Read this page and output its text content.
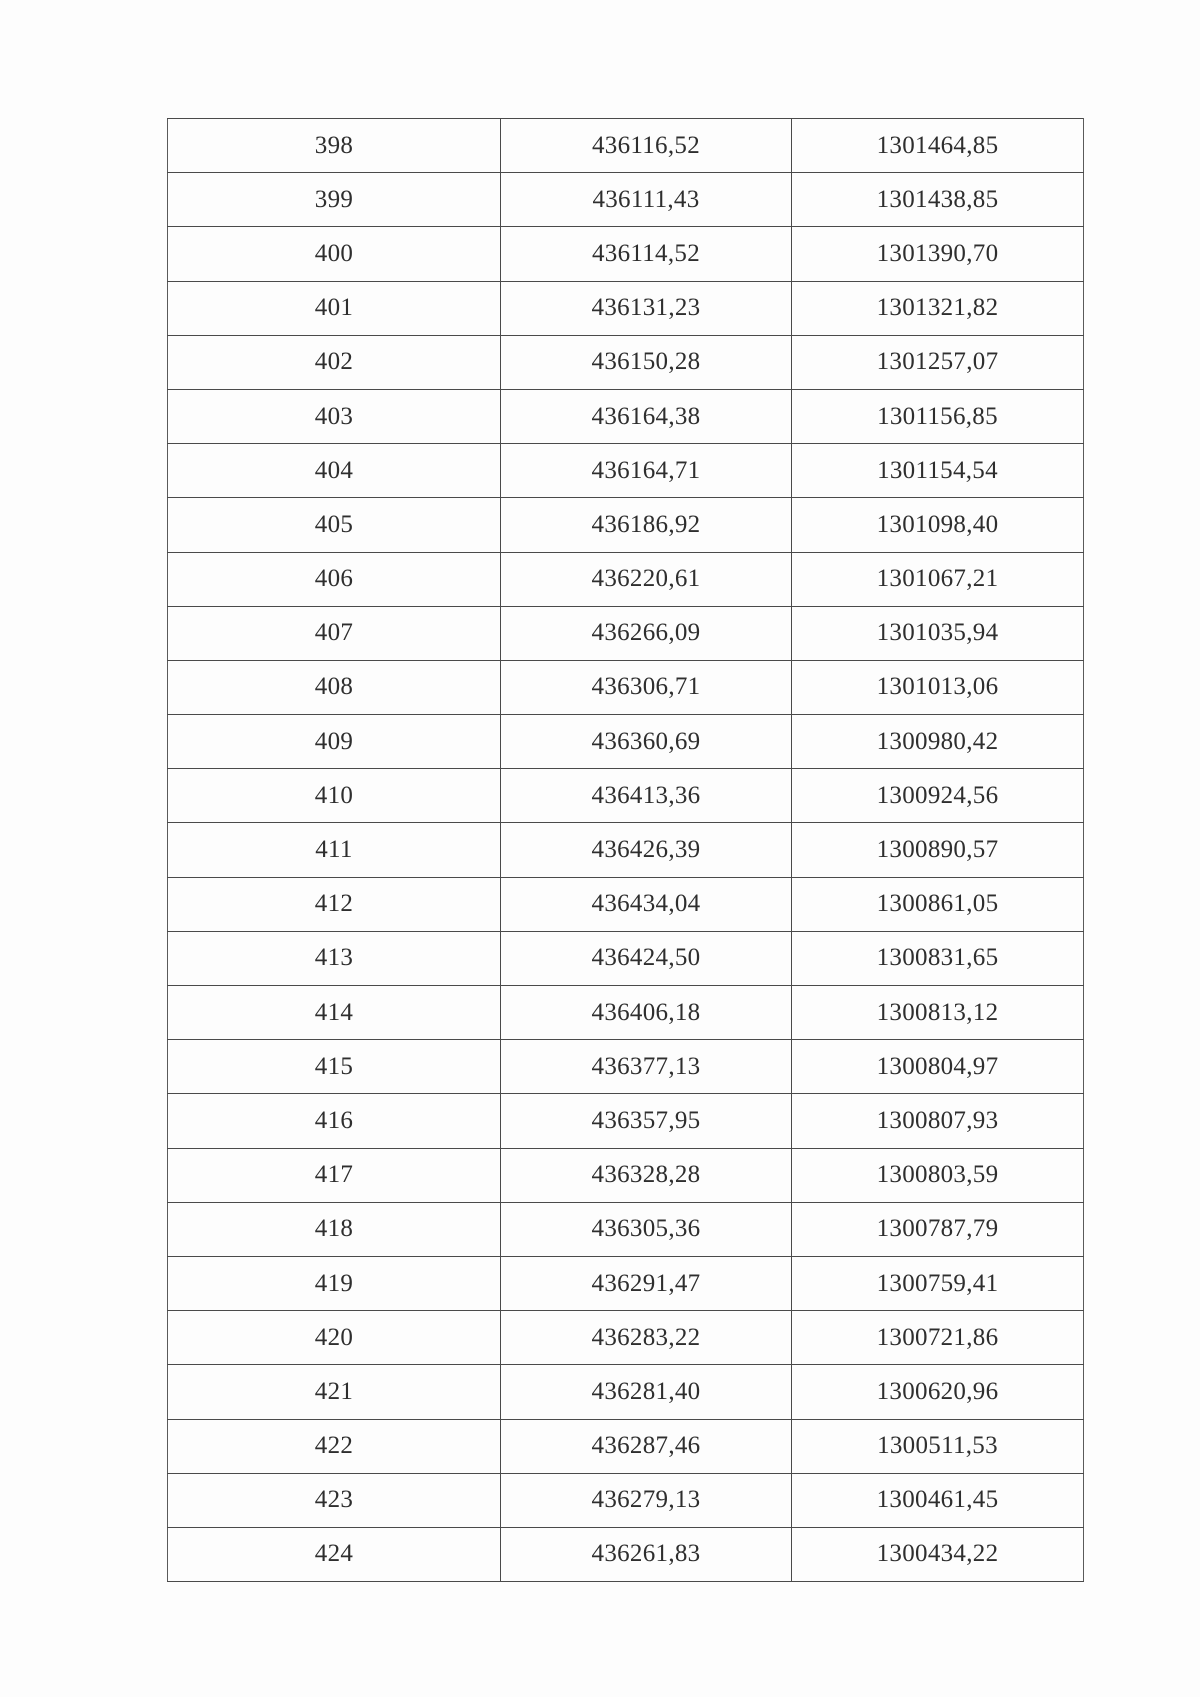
398	436116,52	1301464,85
399	436111,43	1301438,85
400	436114,52	1301390,70
401	436131,23	1301321,82
402	436150,28	1301257,07
403	436164,38	1301156,85
404	436164,71	1301154,54
405	436186,92	1301098,40
406	436220,61	1301067,21
407	436266,09	1301035,94
408	436306,71	1301013,06
409	436360,69	1300980,42
410	436413,36	1300924,56
411	436426,39	1300890,57
412	436434,04	1300861,05
413	436424,50	1300831,65
414	436406,18	1300813,12
415	436377,13	1300804,97
416	436357,95	1300807,93
417	436328,28	1300803,59
418	436305,36	1300787,79
419	436291,47	1300759,41
420	436283,22	1300721,86
421	436281,40	1300620,96
422	436287,46	1300511,53
423	436279,13	1300461,45
424	436261,83	1300434,22
